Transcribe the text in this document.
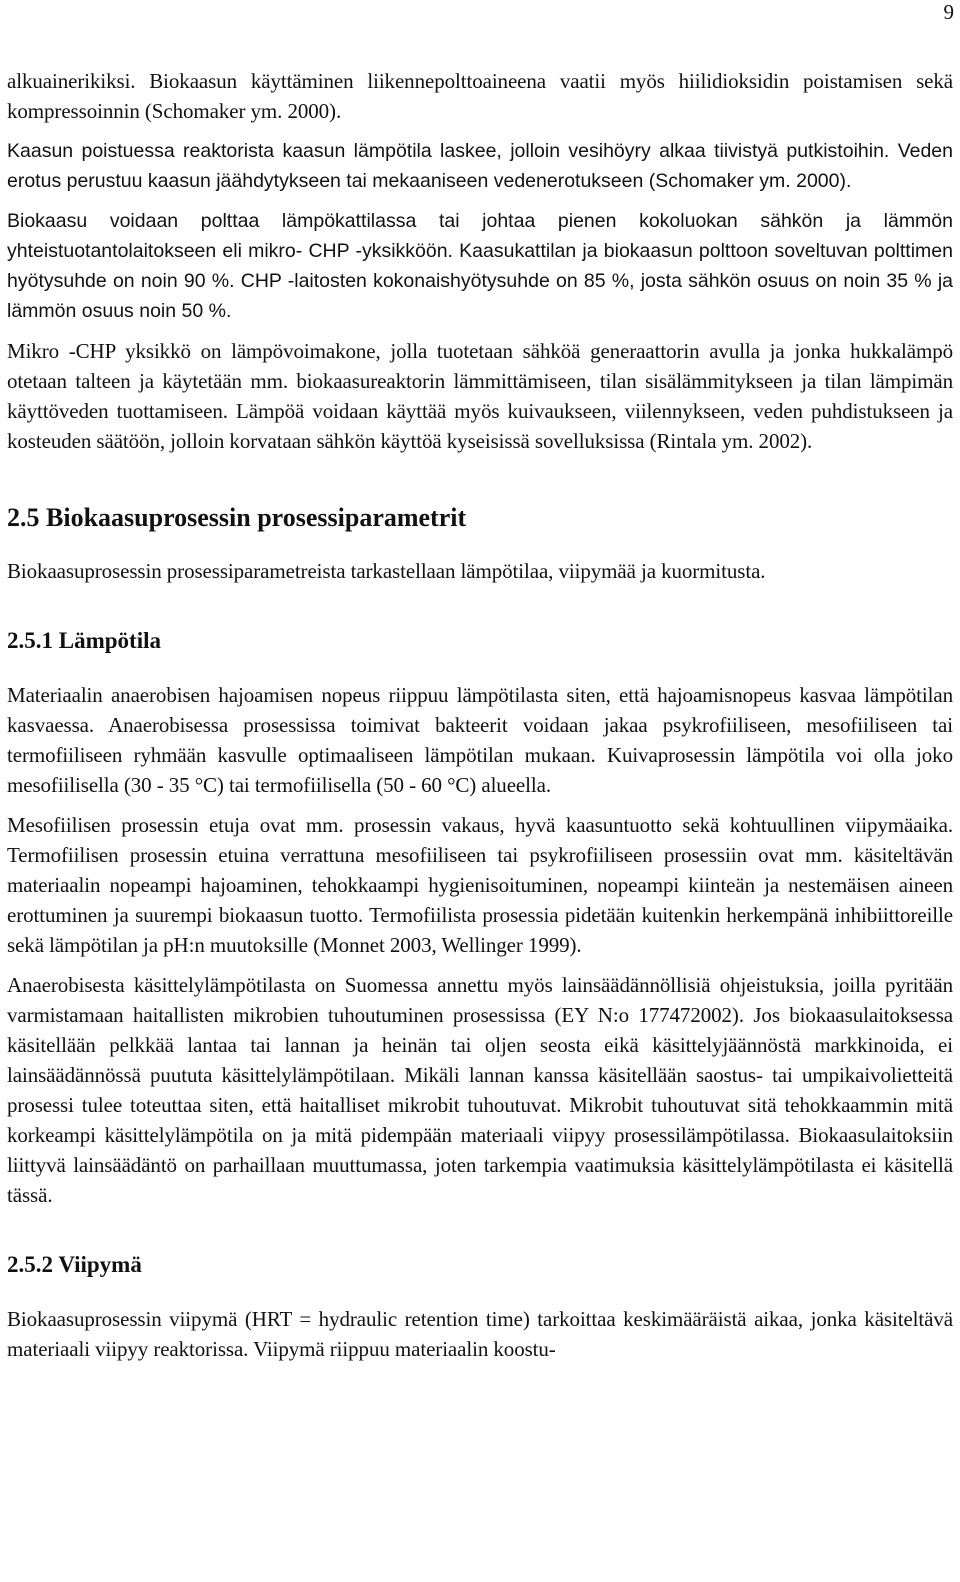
9

alkuainerikiksi. Biokaasun käyttäminen liikennepolttoaineena vaatii myös hiilidioksidin poistamisen sekä kompressoinnin (Schomaker ym. 2000).

Kaasun poistuessa reaktorista kaasun lämpötila laskee, jolloin vesihöyry alkaa tiivistyä putkistoihin. Veden erotus perustuu kaasun jäähdytykseen tai mekaaniseen vedenerotukseen (Schomaker ym. 2000).

Biokaasu voidaan polttaa lämpökattilassa tai johtaa pienen kokoluokan sähkön ja lämmön yhteistuotantolaitokseen eli mikro- CHP -yksikköön. Kaasukattilan ja biokaasun polttoon soveltuvan polttimen hyötysuhde on noin 90 %. CHP -laitosten kokonaishyötysuhde on 85 %, josta sähkön osuus on noin 35 % ja lämmön osuus noin 50 %.

Mikro -CHP yksikkö on lämpövoimakone, jolla tuotetaan sähköä generaattorin avulla ja jonka hukkalämpö otetaan talteen ja käytetään mm. biokaasureaktorin lämmittämiseen, tilan sisälämmitykseen ja tilan lämpimän käyttöveden tuottamiseen. Lämpöä voidaan käyttää myös kuivaukseen, viilennykseen, veden puhdistukseen ja kosteuden säätöön, jolloin korvataan sähkön käyttöä kyseisissä sovelluksissa (Rintala ym. 2002).

2.5 Biokaasuprosessin prosessiparametrit

Biokaasuprosessin prosessiparametreista tarkastellaan lämpötilaa, viipymää ja kuormitusta.

2.5.1 Lämpötila

Materiaalin anaerobisen hajoamisen nopeus riippuu lämpötilasta siten, että hajoamisnopeus kasvaa lämpötilan kasvaessa. Anaerobisessa prosessissa toimivat bakteerit voidaan jakaa psykrofiiliseen, mesofiiliseen tai termofiiliseen ryhmään kasvulle optimaaliseen lämpötilan mukaan. Kuivaprosessin lämpötila voi olla joko mesofiilisella (30 - 35 °C) tai termofiilisella (50 - 60 °C) alueella.

Mesofiilisen prosessin etuja ovat mm. prosessin vakaus, hyvä kaasuntuotto sekä kohtuullinen viipymäaika. Termofiilisen prosessin etuina verrattuna mesofiiliseen tai psykrofiiliseen prosessiin ovat mm. käsiteltävän materiaalin nopeampi hajoaminen, tehokkaampi hygienisoituminen, nopeampi kiinteän ja nestemäisen aineen erottuminen ja suurempi biokaasun tuotto. Termofiilista prosessia pidetään kuitenkin herkempänä inhibiittoreille sekä lämpötilan ja pH:n muutoksille (Monnet 2003, Wellinger 1999).

Anaerobisesta käsittelylämpötilasta on Suomessa annettu myös lainsäädännöllisiä ohjeistuksia, joilla pyritään varmistamaan haitallisten mikrobien tuhoutuminen prosessissa (EY N:o 177472002). Jos biokaasulaitoksessa käsitellään pelkkää lantaa tai lannan ja heinän tai oljen seosta eikä käsittelyjäännöstä markkinoida, ei lainsäädännössä puututa käsittelylämpötilaan. Mikäli lannan kanssa käsitellään saostus- tai umpikaivolietteitä prosessi tulee toteuttaa siten, että haitalliset mikrobit tuhoutuvat. Mikrobit tuhoutuvat sitä tehokkaammin mitä korkeampi käsittelylämpötila on ja mitä pidempään materiaali viipyy prosessilämpötilassa. Biokaasulaitoksiin liittyvä lainsäädäntö on parhaillaan muuttumassa, joten tarkempia vaatimuksia käsittelylämpötilasta ei käsitellä tässä.

2.5.2 Viipymä

Biokaasuprosessin viipymä (HRT = hydraulic retention time) tarkoittaa keskimääräistä aikaa, jonka käsiteltävä materiaali viipyy reaktorissa. Viipymä riippuu materiaalin koostu-
